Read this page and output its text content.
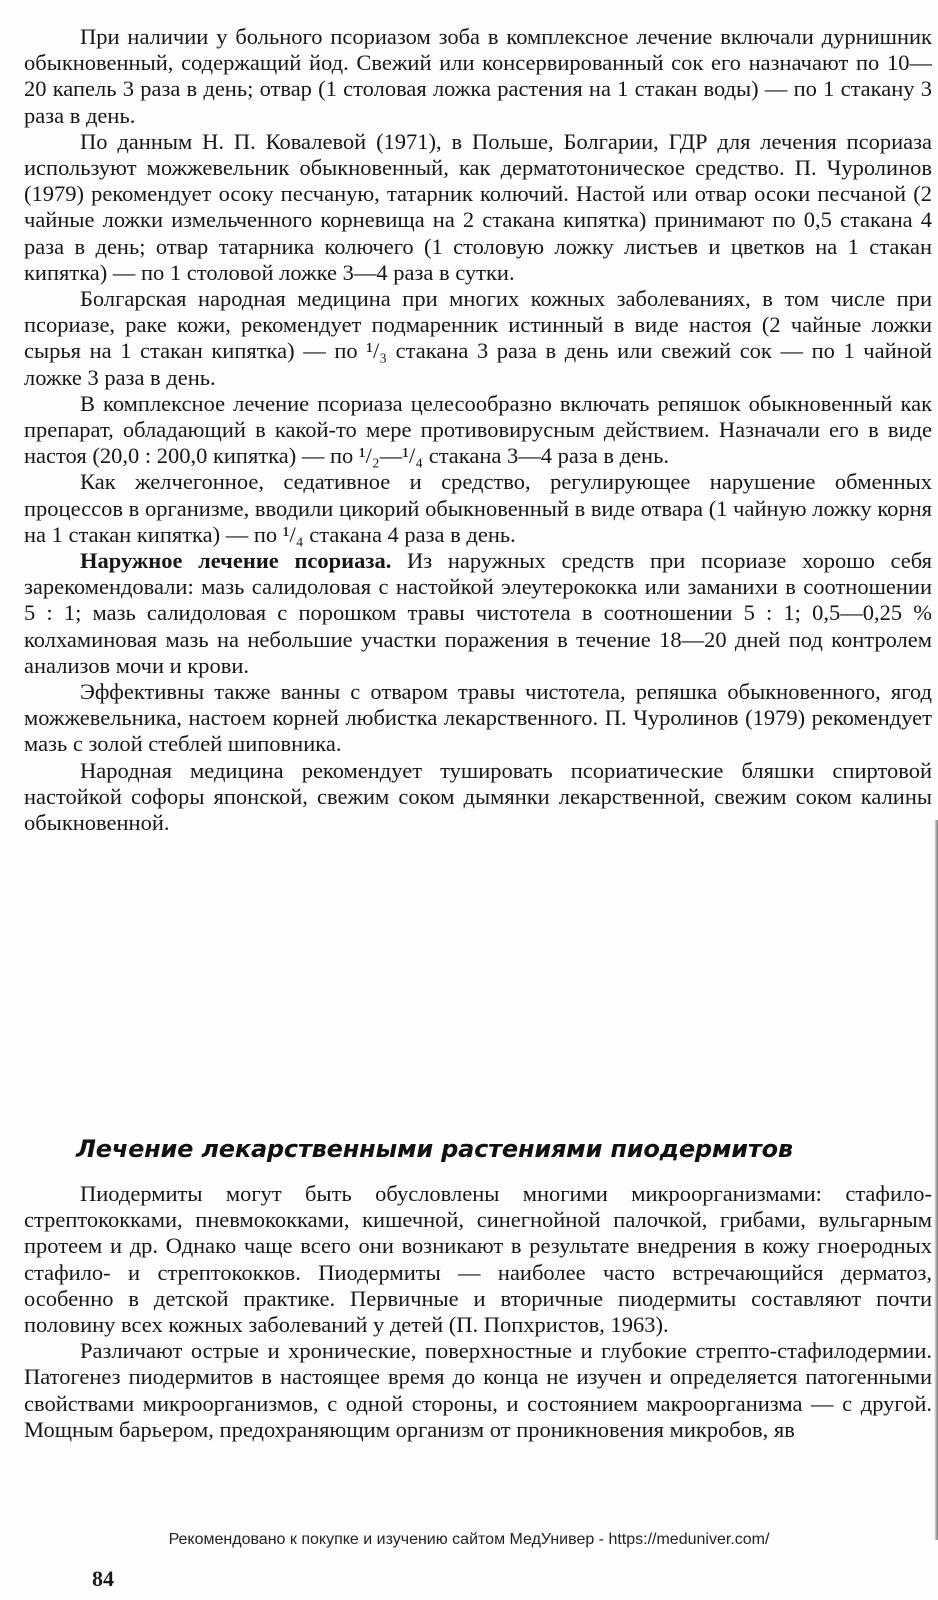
При наличии у больного псориазом зоба в комплексное лечение включали дурнишник обыкновенный, содержащий йод. Свежий или консервированный сок его назначают по 10—20 капель 3 раза в день; отвар (1 столовая ложка растения на 1 стакан воды) — по 1 стакану 3 раза в день.

По данным Н. П. Ковалевой (1971), в Польше, Болгарии, ГДР для лечения псориаза используют можжевельник обыкновенный, как дерматотоническое средство. П. Чуролинов (1979) рекомендует осоку песчаную, татарник колючий. Настой или отвар осоки песчаной (2 чайные ложки измельченного корневища на 2 стакана кипятка) принимают по 0,5 стакана 4 раза в день; отвар татарника колючего (1 столовую ложку листьев и цветков на 1 стакан кипятка) — по 1 столовой ложке 3—4 раза в сутки.

Болгарская народная медицина при многих кожных заболеваниях, в том числе при псориазе, раке кожи, рекомендует подмаренник истинный в виде настоя (2 чайные ложки сырья на 1 стакан кипятка) — по ¹/₃ стакана 3 раза в день или свежий сок — по 1 чайной ложке 3 раза в день.

В комплексное лечение псориаза целесообразно включать репяшок обыкновенный как препарат, обладающий в какой-то мере противовирусным действием. Назначали его в виде настоя (20,0 : 200,0 кипятка) — по ¹/₂—¹/₄ стакана 3—4 раза в день.

Как желчегонное, седативное и средство, регулирующее нарушение обменных процессов в организме, вводили цикорий обыкновенный в виде отвара (1 чайную ложку корня на 1 стакан кипятка) — по ¹/₄ стакана 4 раза в день.

Наружное лечение псориаза. Из наружных средств при псориазе хорошо себя зарекомендовали: мазь салидоловая с настойкой элеутерококка или заманихи в соотношении 5 : 1; мазь салидоловая с порошком травы чистотела в соотношении 5 : 1; 0,5—0,25 % колхаминовая мазь на небольшие участки поражения в течение 18—20 дней под контролем анализов мочи и крови.

Эффективны также ванны с отваром травы чистотела, репяшка обыкновенного, ягод можжевельника, настоем корней любистка лекарственного. П. Чуролинов (1979) рекомендует мазь с золой стеблей шиповника.

Народная медицина рекомендует тушировать псориатические бляшки спиртовой настойкой софоры японской, свежим соком дымянки лекарственной, свежим соком калины обыкновенной.

Лечение лекарственными растениями пиодермитов

Пиодермиты могут быть обусловлены многими микроорганизмами: стафило-стрептококками, пневмококками, кишечной, синегнойной палочкой, грибами, вульгарным протеем и др. Однако чаще всего они возникают в результате внедрения в кожу гноеродных стафило- и стрептококков. Пиодермиты — наиболее часто встречающийся дерматоз, особенно в детской практике. Первичные и вторичные пиодермиты составляют почти половину всех кожных заболеваний у детей (П. Попхристов, 1963).

Различают острые и хронические, поверхностные и глубокие стрепто-стафилодермии. Патогенез пиодермитов в настоящее время до конца не изучен и определяется патогенными свойствами микроорганизмов, с одной стороны, и состоянием макроорганизма — с другой. Мощным барьером, предохраняющим организм от проникновения микробов, яв

Рекомендовано к покупке и изучению сайтом МедУнивер - https://meduniver.com/
84
